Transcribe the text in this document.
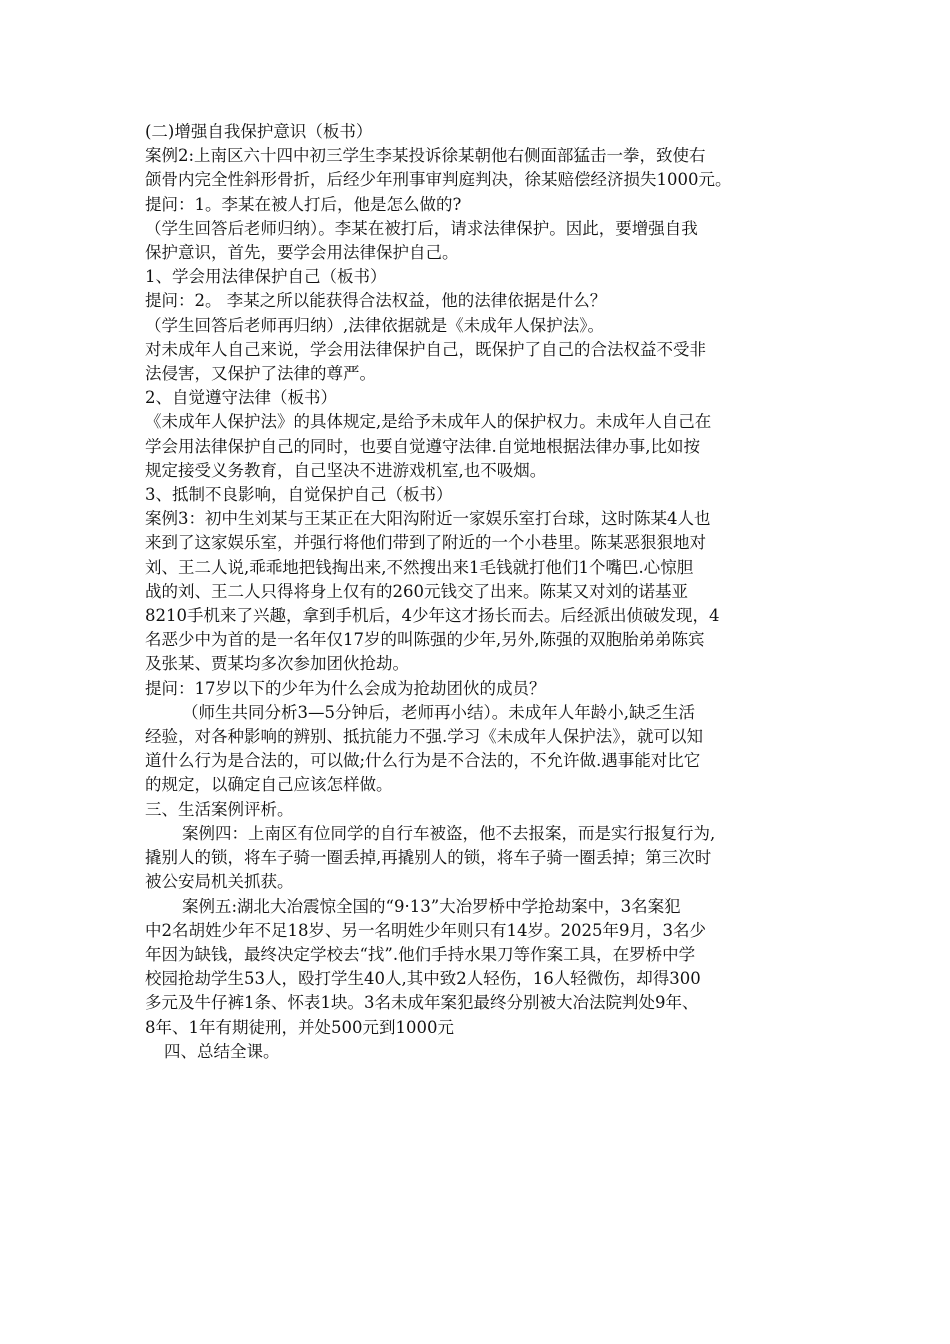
(二)增强自我保护意识（板书）
案例2:上南区六十四中初三学生李某投诉徐某朝他右侧面部猛击一拳，致使右
颌骨内完全性斜形骨折，后经少年刑事审判庭判决，徐某赔偿经济损失1000元。
提问：1。李某在被人打后，他是怎么做的?
（学生回答后老师归纳）。李某在被打后，请求法律保护。因此，要增强自我
保护意识，首先，要学会用法律保护自己。
1、学会用法律保护自己（板书）
提问：2。 李某之所以能获得合法权益，他的法律依据是什么？
（学生回答后老师再归纳）,法律依据就是《未成年人保护法》。
对未成年人自己来说，学会用法律保护自己，既保护了自己的合法权益不受非
法侵害，又保护了法律的尊严。
2、自觉遵守法律（板书）
《未成年人保护法》的具体规定,是给予未成年人的保护权力。未成年人自己在
学会用法律保护自己的同时，也要自觉遵守法律.自觉地根据法律办事,比如按
规定接受义务教育，自己坚决不进游戏机室,也不吸烟。
3、抵制不良影响，自觉保护自己（板书）
案例3：初中生刘某与王某正在大阳沟附近一家娱乐室打台球，这时陈某4人也
来到了这家娱乐室，并强行将他们带到了附近的一个小巷里。陈某恶狠狠地对
刘、王二人说,乖乖地把钱掏出来,不然搜出来1毛钱就打他们1个嘴巴.心惊胆
战的刘、王二人只得将身上仅有的260元钱交了出来。陈某又对刘的诺基亚
8210手机来了兴趣，拿到手机后，4少年这才扬长而去。后经派出侦破发现，4
名恶少中为首的是一名年仅17岁的叫陈强的少年,另外,陈强的双胞胎弟弟陈宾
及张某、贾某均多次参加团伙抢劫。
提问：17岁以下的少年为什么会成为抢劫团伙的成员？
（师生共同分析3—5分钟后，老师再小结）。未成年人年龄小,缺乏生活
经验，对各种影响的辨别、抵抗能力不强.学习《未成年人保护法》，就可以知
道什么行为是合法的，可以做;什么行为是不合法的，不允许做.遇事能对比它
的规定，以确定自己应该怎样做。
三、生活案例评析。
案例四：上南区有位同学的自行车被盗，他不去报案，而是实行报复行为,
撬别人的锁，将车子骑一圈丢掉,再撬别人的锁，将车子骑一圈丢掉；第三次时
被公安局机关抓获。
案例五:湖北大冶震惊全国的“9·13”大冶罗桥中学抢劫案中，3名案犯
中2名胡姓少年不足18岁、另一名明姓少年则只有14岁。2025年9月，3名少
年因为缺钱，最终决定学校去“找”.他们手持水果刀等作案工具，在罗桥中学
校园抢劫学生53人，殴打学生40人,其中致2人轻伤，16人轻微伤，却得300
多元及牛仔裤1条、怀表1块。3名未成年案犯最终分别被大冶法院判处9年、
8年、1年有期徒刑，并处500元到1000元
四、总结全课。
